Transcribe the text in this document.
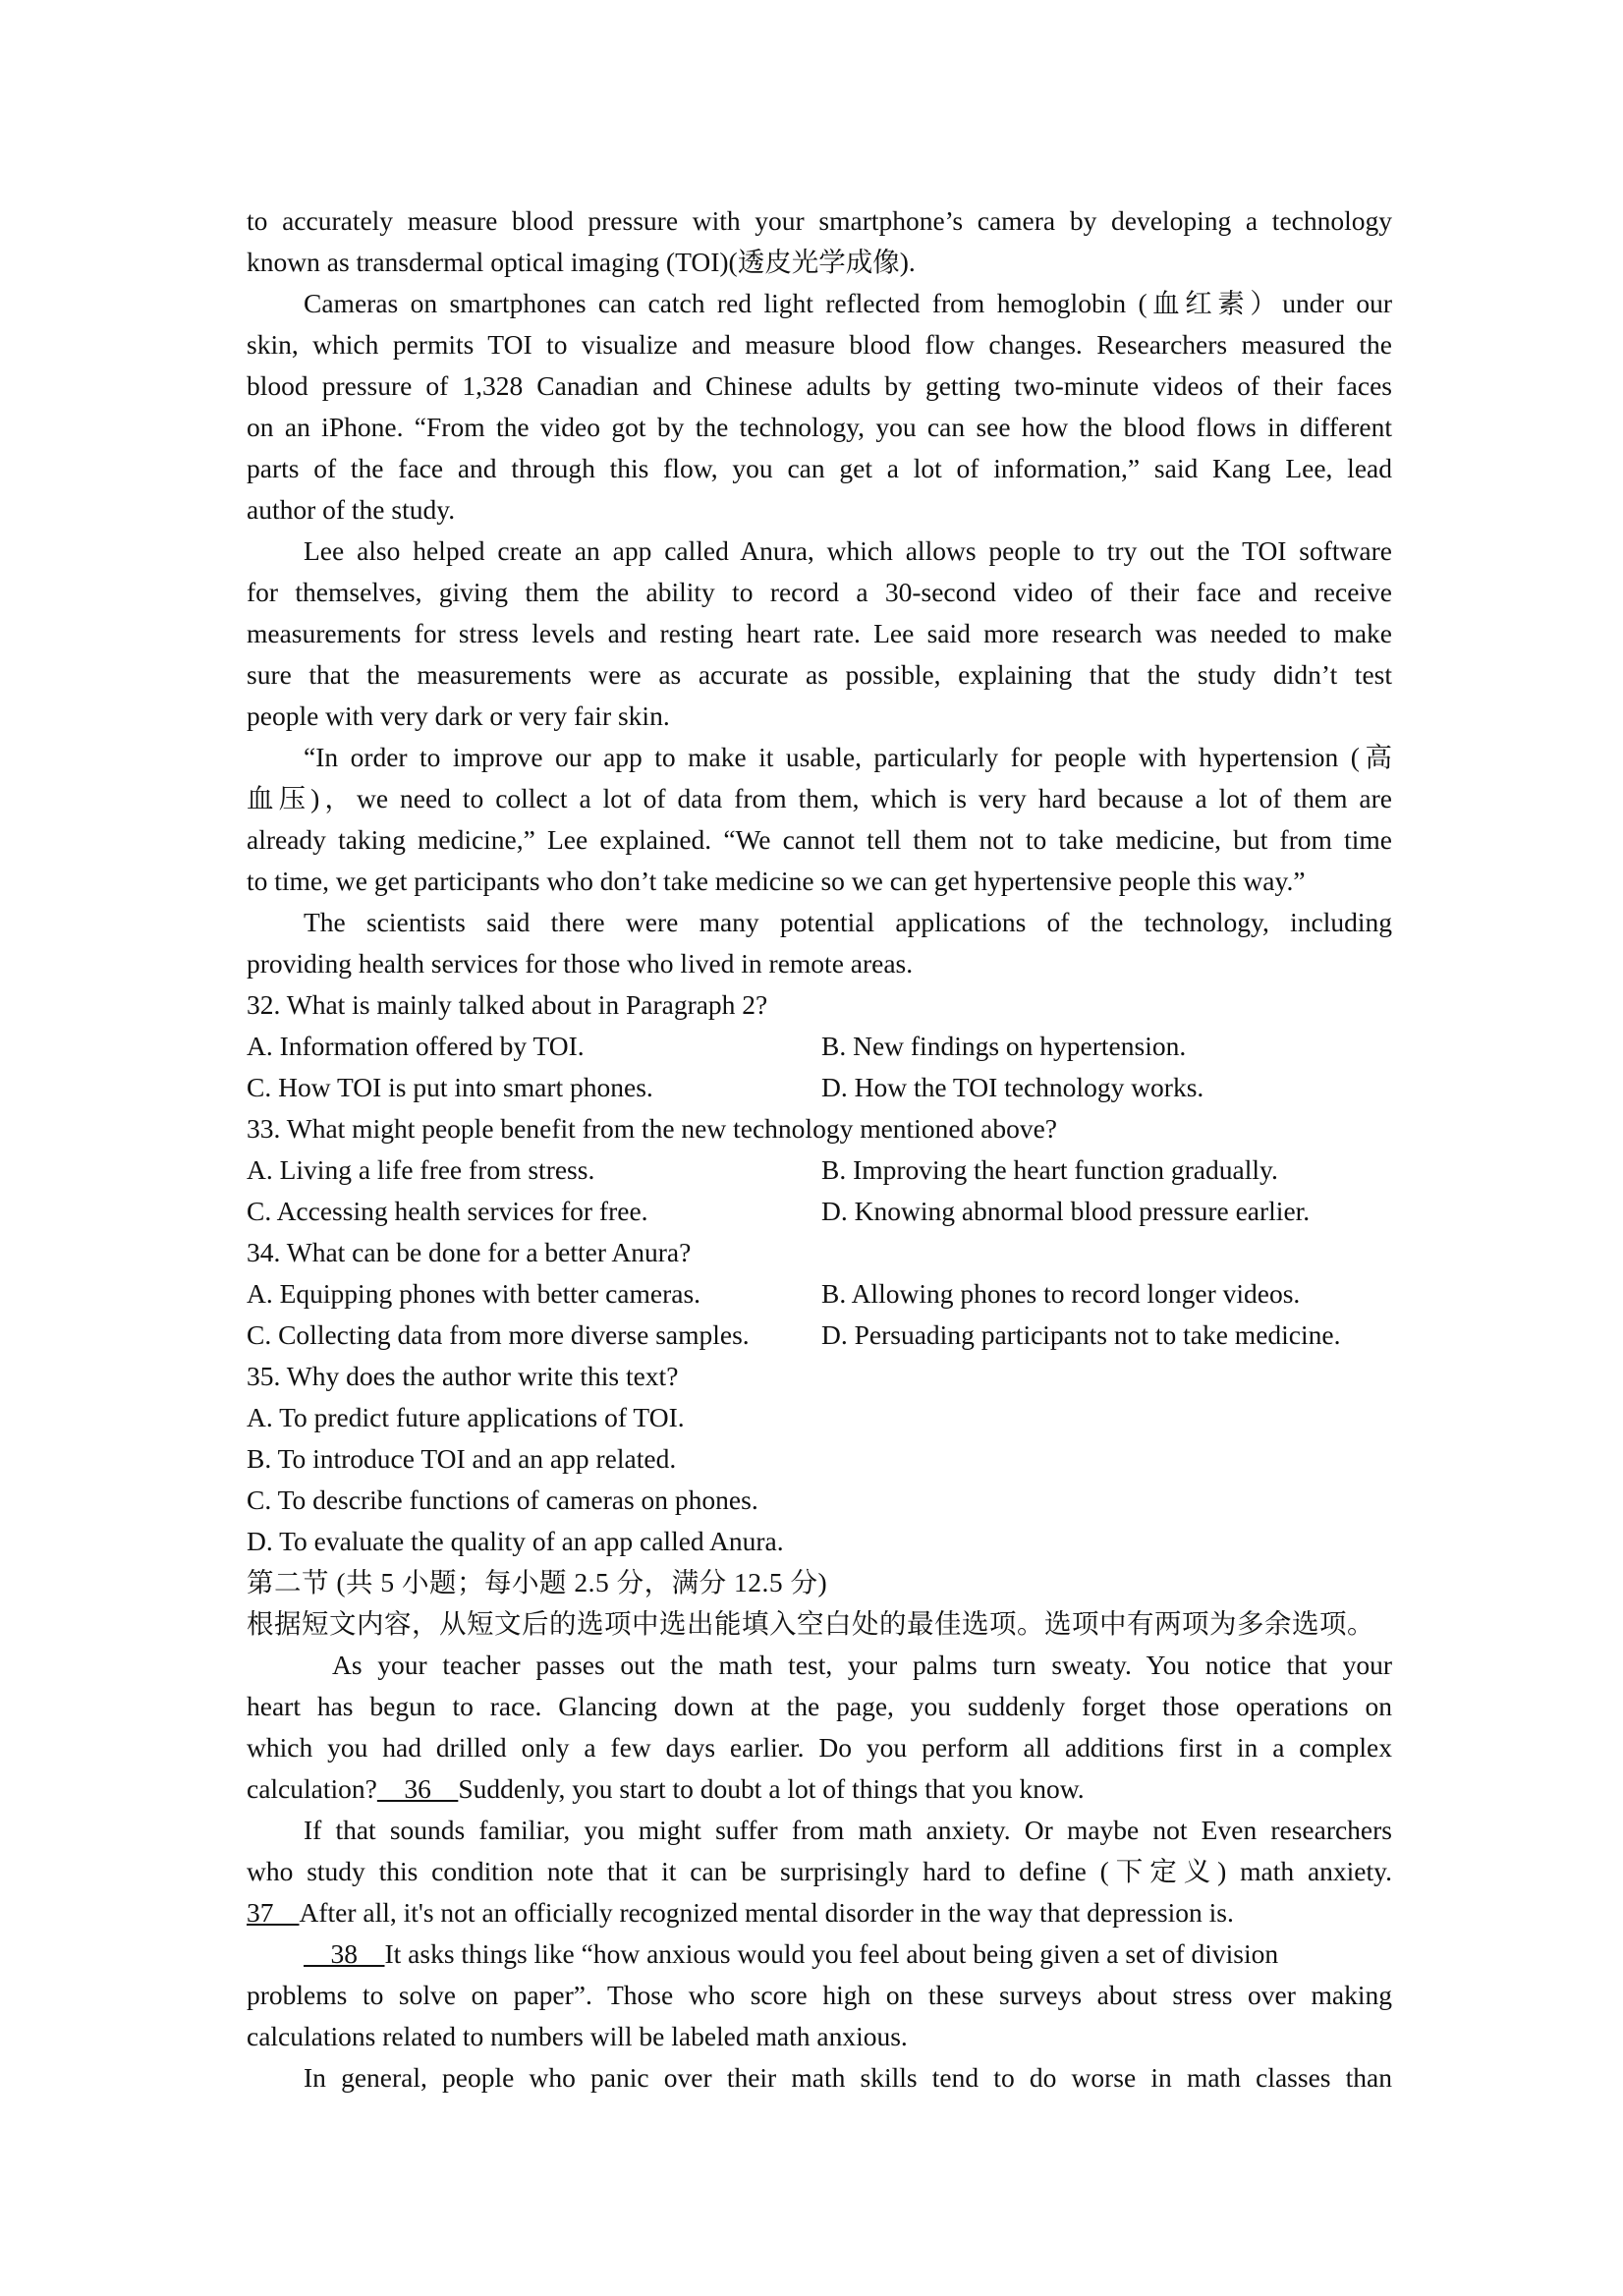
to accurately measure blood pressure with your smartphone’s camera by developing a technology
known as transdermal optical imaging (TOI)(透皮光学成像).
Cameras on smartphones can catch red light reflected from hemoglobin (血红素）under our
skin, which permits TOI to visualize and measure blood flow changes. Researchers measured the
blood pressure of 1,328 Canadian and Chinese adults by getting two-minute videos of their faces
on an iPhone. “From the video got by the technology, you can see how the blood flows in different
parts of the face and through this flow, you can get a lot of information,” said Kang Lee, lead
author of the study.
Lee also helped create an app called Anura, which allows people to try out the TOI software
for themselves, giving them the ability to record a 30-second video of their face and receive
measurements for stress levels and resting heart rate. Lee said more research was needed to make
sure that the measurements were as accurate as possible, explaining that the study didn’t test
people with very dark or very fair skin.
“In order to improve our app to make it usable, particularly for people with hypertension (高
血压)，we need to collect a lot of data from them, which is very hard because a lot of them are
already taking medicine,” Lee explained. “We cannot tell them not to take medicine, but from time
to time, we get participants who don’t take medicine so we can get hypertensive people this way.”
The scientists said there were many potential applications of the technology, including
providing health services for those who lived in remote areas.
32. What is mainly talked about in Paragraph 2?
A. Information offered by TOI.	B. New findings on hypertension.
C. How TOI is put into smart phones.	D. How the TOI technology works.
33. What might people benefit from the new technology mentioned above?
A. Living a life free from stress.	B. Improving the heart function gradually.
C. Accessing health services for free.	D. Knowing abnormal blood pressure earlier.
34. What can be done for a better Anura?
A. Equipping phones with better cameras.	B. Allowing phones to record longer videos.
C. Collecting data from more diverse samples.	D. Persuading participants not to take medicine.
35. Why does the author write this text?
A. To predict future applications of TOI.
B. To introduce TOI and an app related.
C. To describe functions of cameras on phones.
D. To evaluate the quality of an app called Anura.
第二节 (共 5 小题；每小题 2.5 分，满分 12.5 分)
根据短文内容，从短文后的选项中选出能填入空白处的最佳选项。选项中有两项为多余选项。
As your teacher passes out the math test, your palms turn sweaty. You notice that your
heart has begun to race. Glancing down at the page, you suddenly forget those operations on
which you had drilled only a few days earlier. Do you perform all additions first in a complex
calculation?    36    Suddenly, you start to doubt a lot of things that you know.
If that sounds familiar, you might suffer from math anxiety. Or maybe not Even researchers
who study this condition note that it can be surprisingly hard to define (下定义) math anxiety.
37    After all, it's not an officially recognized mental disorder in the way that depression is.
38    It asks things like “how anxious would you feel about being given a set of division
problems to solve on paper”. Those who score high on these surveys about stress over making
calculations related to numbers will be labeled math anxious.
In general, people who panic over their math skills tend to do worse in math classes than
